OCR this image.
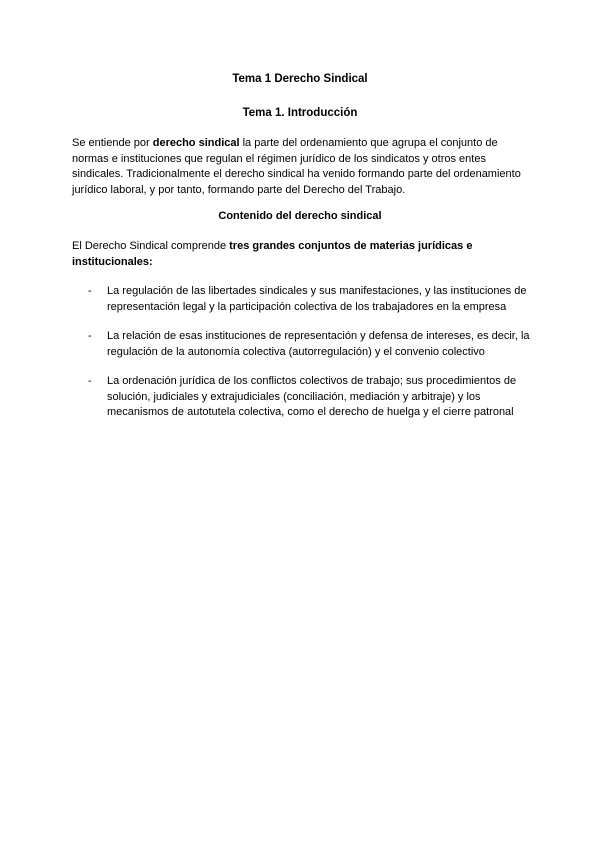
Tema 1 Derecho Sindical
Tema 1. Introducción

Se entiende por derecho sindical la parte del ordenamiento que agrupa el conjunto de normas e instituciones que regulan el régimen jurídico de los sindicatos y otros entes sindicales. Tradicionalmente el derecho sindical ha venido formando parte del ordenamiento jurídico laboral, y por tanto, formando parte del Derecho del Trabajo.

Contenido del derecho sindical

El Derecho Sindical comprende tres grandes conjuntos de materias jurídicas e institucionales:

- La regulación de las libertades sindicales y sus manifestaciones, y las instituciones de representación legal y la participación colectiva de los trabajadores en la empresa
- La relación de esas instituciones de representación y defensa de intereses, es decir, la regulación de la autonomía colectiva (autorregulación) y el convenio colectivo
- La ordenación jurídica de los conflictos colectivos de trabajo; sus procedimientos de solución, judiciales y extrajudiciales (conciliación, mediación y arbitraje) y los mecanismos de autotutela colectiva, como el derecho de huelga y el cierre patronal
